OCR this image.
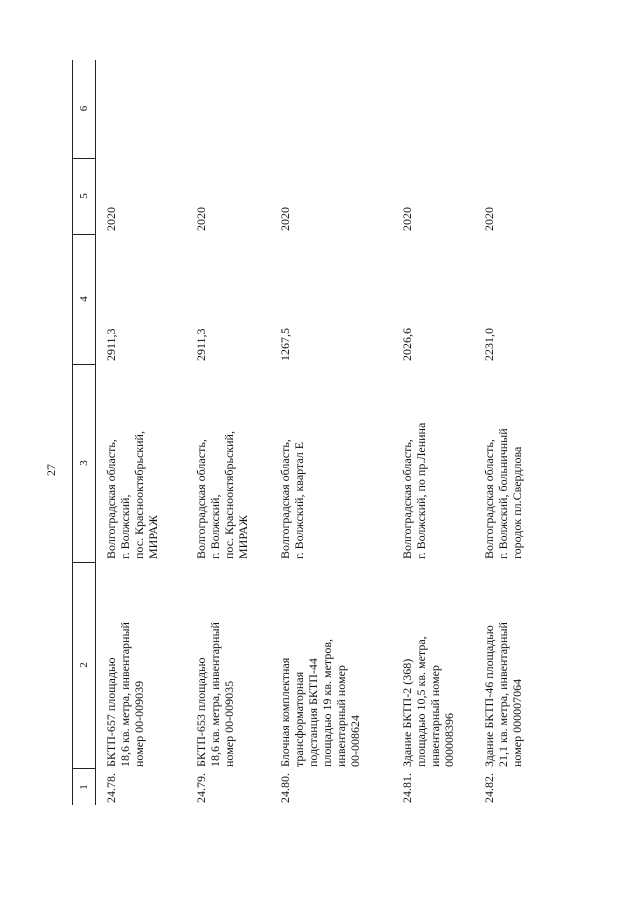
27
1
2
3
4
5
6
24.78.
БКТП-657 площадью
18,6 кв. метра, инвентарный
номер 00-009039
Волгоградская область,
г. Волжский,
пос. Краснооктябрьский,
МИРАЖ
2911,3
2020
24.79.
БКТП-653 площадью
18,6 кв. метра, инвентарный
номер 00-009035
Волгоградская область,
г. Волжский,
пос. Краснооктябрьский,
МИРАЖ
2911,3
2020
24.80.
Блочная комплектная
трансформаторная
подстанция БКТП-44
площадью 19 кв. метров,
инвентарный номер
00-008624
Волгоградская область,
г. Волжский, квартал Е
1267,5
2020
24.81.
Здание БКТП-2 (368)
площадью 10,5 кв. метра,
инвентарный номер
000008396
Волгоградская область,
г. Волжский, по пр.Ленина
2026,6
2020
24.82.
Здание БКТП-46 площадью
21,1 кв. метра, инвентарный
номер 000007064
Волгоградская область,
г. Волжский, больничный
городок пл.Свердлова
2231,0
2020
